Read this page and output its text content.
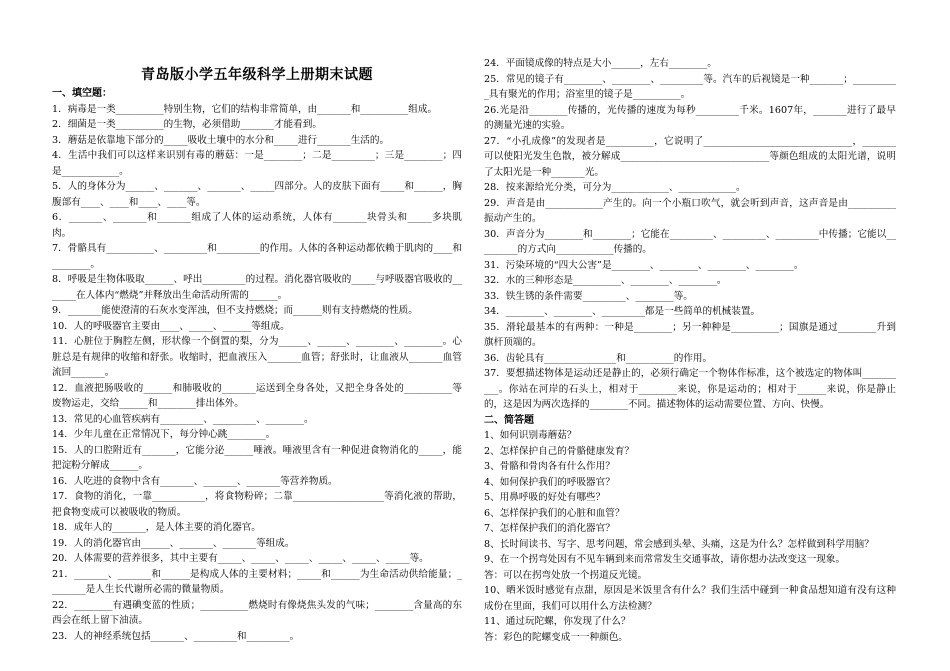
青岛版小学五年级科学上册期末试题
一、填空题：
1．病毒是一类__________特别生物，它们的结构非常简单，由_______和__________组成。
2．细菌是一类__________的生物，必须借助_______才能看到。
3．蘑菇是依靠地下部分的_____吸收土壤中的水分和_____进行_______生活的。
4．生活中我们可以这样来识别有毒的蘑菇：一是________；二是_________；三是________；四是____________。
5．人的身体分为______、_______、_______、_____四部分。人的皮肤下面有_____和______，胸腹部有____、____和____、____等。
6．_______、_______和_______组成了人体的运动系统，人体有_______块骨头和_____多块肌肉。
7．骨骼具有__________、_________和_________的作用。人体的各种运动都依赖于肌肉的____和________。
8．呼吸是生物体吸取______、呼出_________的过程。消化器官吸收的_____与呼吸器官吸收的_______在人体内“燃烧”并释放出生命活动所需的______。
9．_______能使澄清的石灰水变浑浊，但不支持燃烧；而______则有支持燃烧的性质。
10．人的呼吸器官主要由____、_____、______等组成。
11．心脏位于胸腔左侧，形状像一个倒置的梨，分为______、______、________、________。心脏总是有规律的收缩和舒张。收缩时，把血液压入_______血管；舒张时，让血液从_______血管流回_______。
12．血液把肠吸收的______和肺吸收的_______运送到全身各处，又把全身各处的__________等废物运走，交给______和________排出体外。
13．常见的心血管疾病有_________、_________、________。
14．少年儿童在正常情况下，每分钟心跳________。
15．人的口腔附近有_______，它能分泌______唾液。唾液里含有一种促进食物消化的_____，能把淀粉分解成______。
16．人吃进的食物中含有_______、_______、_______等营养物质。
17．食物的消化，一靠___________，将食物粉碎；二靠___________________等消化液的帮助，把食物变成可以被吸收的物质。
18．成年人的_______，是人体主要的消化器官。
19．人的消化器官由______、_______、_______等组成。
20．人体需要的营养很多，其中主要有_____、_____、_____、_____、_____、_____等。
21．_______、_______和______是构成人体的主要材料；_____和______为生命活动供给能量；________是人生长代谢所必需的微量物质。
22．________有遇碘变蓝的性质；__________燃烧时有像烧焦头发的气味；________含量高的东西会在纸上留下油渍。
23．人的神经系统包括_______、_________和_________。
24．平面镜成像的特点是大小______，左右________。
25．常见的镜子有________、________、_________等。汽车的后视镜是一种_______；__________具有聚光的作用；浴室里的镜子是__________。
26.光是沿________传播的，光传播的速度为每秒_________千米。1607年，_______进行了最早的测量光速的实验。
27．“小孔成像”的发现者是__________，它说明了_______________________________，_______可以使阳光发生色散，被分解成_______________________________等颜色组成的太阳光谱，说明了太阳光是一种_______光。
28．按来源给光分类，可分为____________、____________。
29．声音是由____________产生的。向一个小瓶口吹气，就会听到声音，这声音是由__________振动产生的。
30．声音分为________和________；它能在_________、_________、_________中传播；它能以_________的方式向____________传播的。
31．污染环境的“四大公害”是________、________、________、________。
32．水的三种形态是__________、________、________。
33．铁生锈的条件需要_________、________等。
34．________、________、_________都是一些简单的机械装置。
35．滑轮最基本的有两种：一种是________；另一种种是__________；国旗是通过________升到旗杆顶端的。
36．齿轮具有_______________和__________的作用。
37．要想描述物体是运动还是静止的，必须行确定一个物体作标准，这个被选定的物体叫__________。你站在河岸的石头上，相对于________来说，你是运动的；相对于______来说，你是静止的，这是因为两次选择的________不同。描述物体的运动需要位置、方向、快慢。
二、简答题
1、如何识别毒蘑菇？
2、怎样保护自己的骨骼健康发育？
3、骨骼和骨肉各有什么作用？
4、如何保护我们的呼吸器官？
5、用鼻呼吸的好处有哪些？
6、怎样保护我们的心脏和血管？
7、怎样保护我们的消化器官？
8、长时间读书、写字、思考问题，常会感到头晕、头痛，这是为什么？怎样做到科学用脑？
9、在一个拐弯处因有不见车辆到来而常常发生交通事故，请你想办法改变这一现象。
答：可以在拐弯处放一个拐道反光镜。
10、晒米饭时感觉有点甜，原因是米饭里含有什么？我们生活中碰到一种食品想知道有没有这种成份在里面，我们可以用什么方法检测？
11、通过玩陀螺，你发现了什么？
答：彩色的陀螺变成一一种颜色。
